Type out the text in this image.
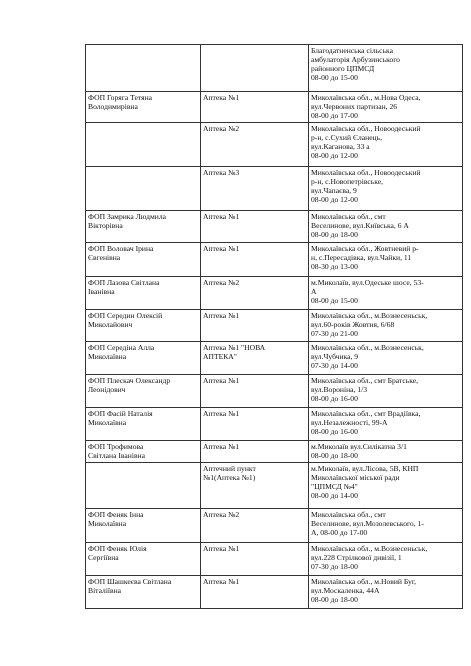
		Благодатненська сільська
амбулаторія Арбузинського
районного ЦПМСД
08-00 до 15-00

ФОП Горяга Тетяна
Володимирівна	Аптека №1	Миколаївська обл., м.Нова Одеса,
вул.Червоних партизан, 26
08-00 до 17-00

	Аптека №2	Миколаївська обл., Новоодеський
р-н, с.Сухий Єланець,
вул.Каганова, 33 а
08-00 до 12-00

	Аптека №3	Миколаївська обл., Новоодеський
р-н, с.Новопетрівське,
вул.Чапаєва, 9
08-00 до 12-00

ФОП Замрика Людмила
Вікторівна	Аптека №1	Миколаївська обл., смт
Веселинове, вул.Київська, 6 А
08-00 до 18-00

ФОП Воловач Ірина
Євгенівна	Аптека №1	Миколаївська обл., Жовтневий р-
н, с.Пересадівка, вул.Чайки, 11
08-30 до 13-00

ФОП Лазова Світлана
Іванівна	Аптека №2	м.Миколаїв, вул.Одеське шосе, 53-
А
08-00 до 15-00

ФОП Середин Олексій
Миколайович	Аптека №1	Миколаївська обл., м.Вознесеньськ,
вул.60-років Жовтня, 6/68
07-30 до 21-00

ФОП Середіна Алла
Миколаївна	Аптека №1 "НОВА
АПТЕКА"	Миколаївська обл., м.Вознесенськ,
вул.Чубчика, 9
07-30 до 14-00

ФОП Плескач Олександр
Леонідович	Аптека №1	Миколаївська обл., смт Братське,
вул.Вороніна, 1/3
08-00 до 16-00

ФОП Фасій Наталія
Миколаївна	Аптека №1	Миколаївська обл., смт Врадіївка,
вул.Незалежності, 99-А
08-00 до 16-00

ФОП Трофимова
Світлана Іванівна	Аптека №1	м.Миколаїв вул.Силікатна 3/1
08-00 до 18-00

	Аптечний пункт
№1(Аптека №1)	м.Миколаїв, вул.Лісова, 5В, КНП
Миколаївської міської ради
"ЦПМСД №4"
08-00 до 14-00

ФОП Феняк Інна
Миколаївна	Аптека №2	Миколаївська обл., смт
Веселинове, вул.Мозолевського, 1-
А, 08-00 до 17-00

ФОП Феняк Юлія
Сергіївна	Аптека №1	Миколаївська обл., м.Вознесеньськ,
вул.228 Стрілкової дивізії, 1
07-30 до 18-00

ФОП Шашкеєва Світлана
Віталіївна	Аптека №1	Миколаївська обл., м.Новий Буг,
вул.Москаленка, 44А
08-00 до 18-00
